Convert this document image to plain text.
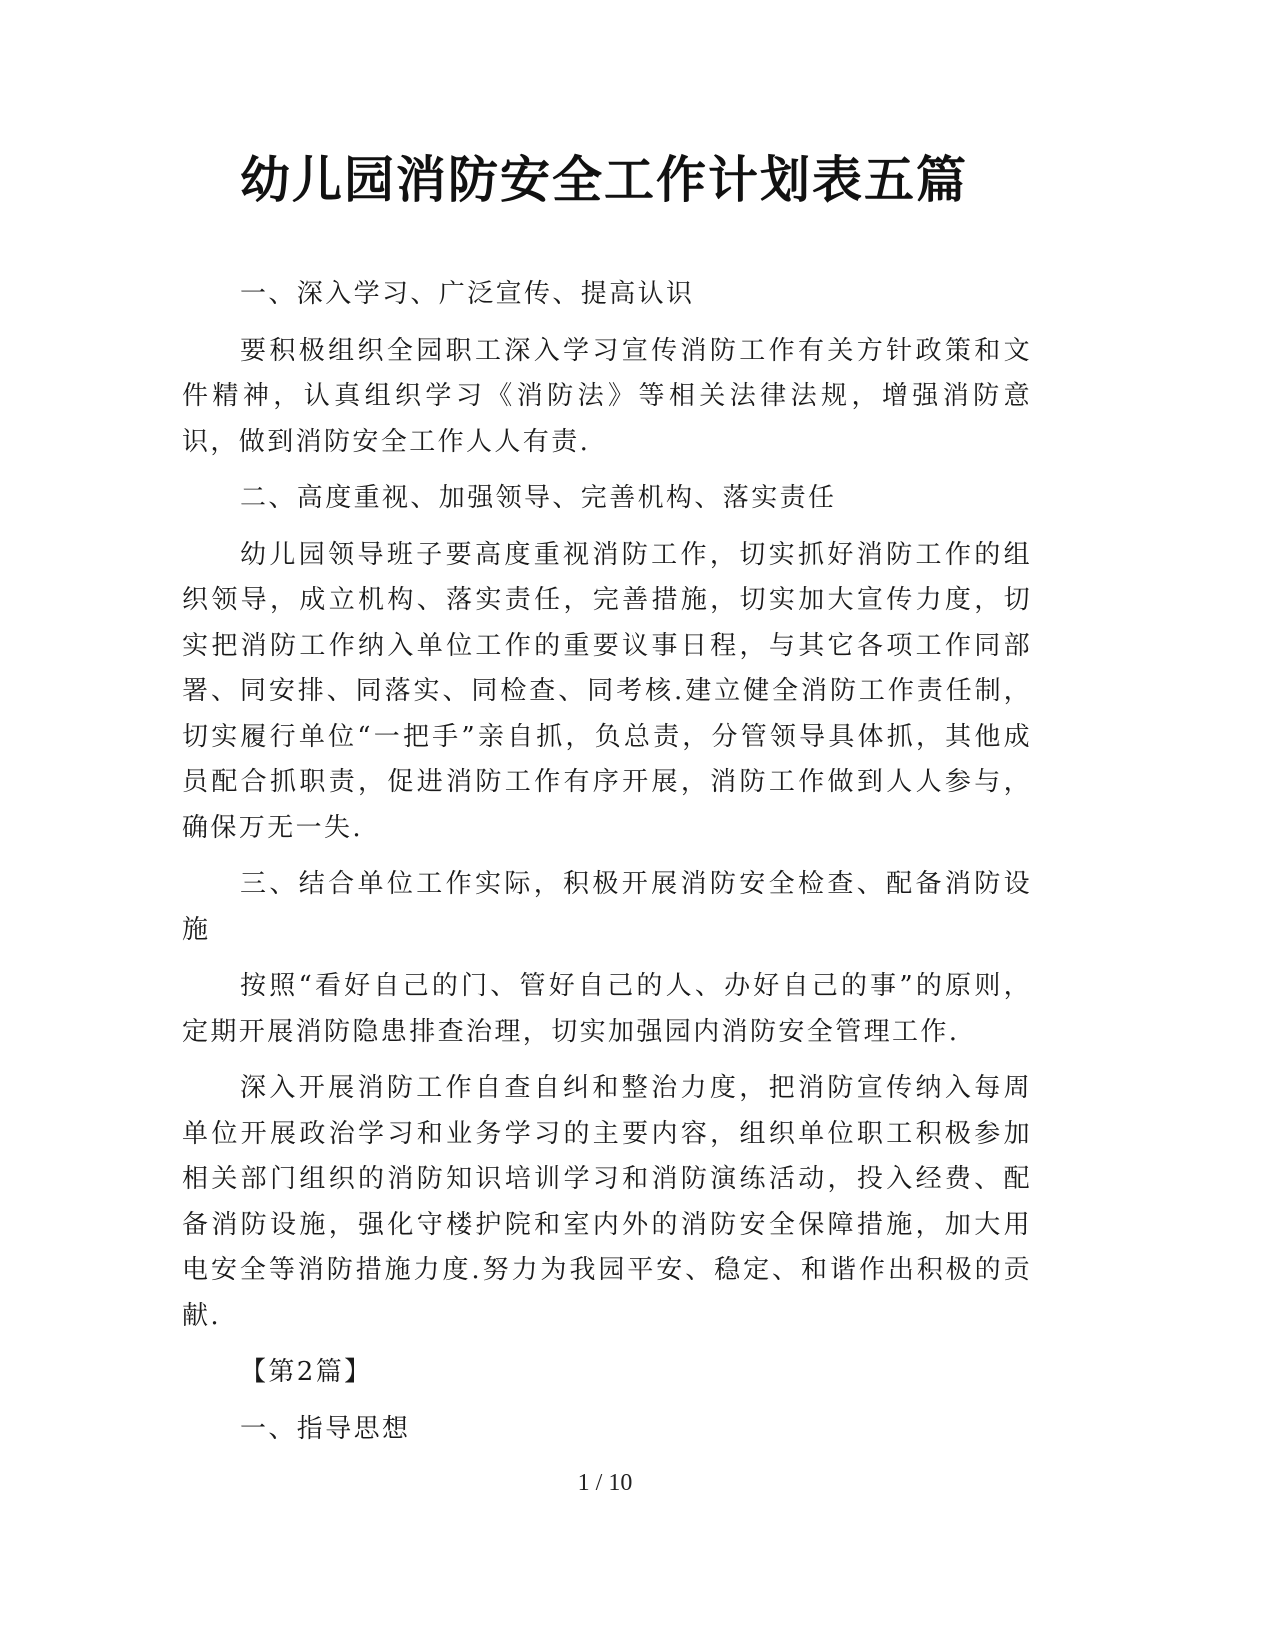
幼儿园消防安全工作计划表五篇

一、深入学习、广泛宣传、提高认识

要积极组织全园职工深入学习宣传消防工作有关方针政策和文件精神，认真组织学习《消防法》等相关法律法规，增强消防意识，做到消防安全工作人人有责.

二、高度重视、加强领导、完善机构、落实责任

幼儿园领导班子要高度重视消防工作，切实抓好消防工作的组织领导，成立机构、落实责任，完善措施，切实加大宣传力度，切实把消防工作纳入单位工作的重要议事日程，与其它各项工作同部署、同安排、同落实、同检查、同考核.建立健全消防工作责任制，切实履行单位“一把手”亲自抓，负总责，分管领导具体抓，其他成员配合抓职责，促进消防工作有序开展，消防工作做到人人参与，确保万无一失.

三、结合单位工作实际，积极开展消防安全检查、配备消防设施

按照“看好自己的门、管好自己的人、办好自己的事”的原则，定期开展消防隐患排查治理，切实加强园内消防安全管理工作.

深入开展消防工作自查自纠和整治力度，把消防宣传纳入每周单位开展政治学习和业务学习的主要内容，组织单位职工积极参加相关部门组织的消防知识培训学习和消防演练活动，投入经费、配备消防设施，强化守楼护院和室内外的消防安全保障措施，加大用电安全等消防措施力度.努力为我园平安、稳定、和谐作出积极的贡献.

【第2篇】

一、指导思想

1 / 10
